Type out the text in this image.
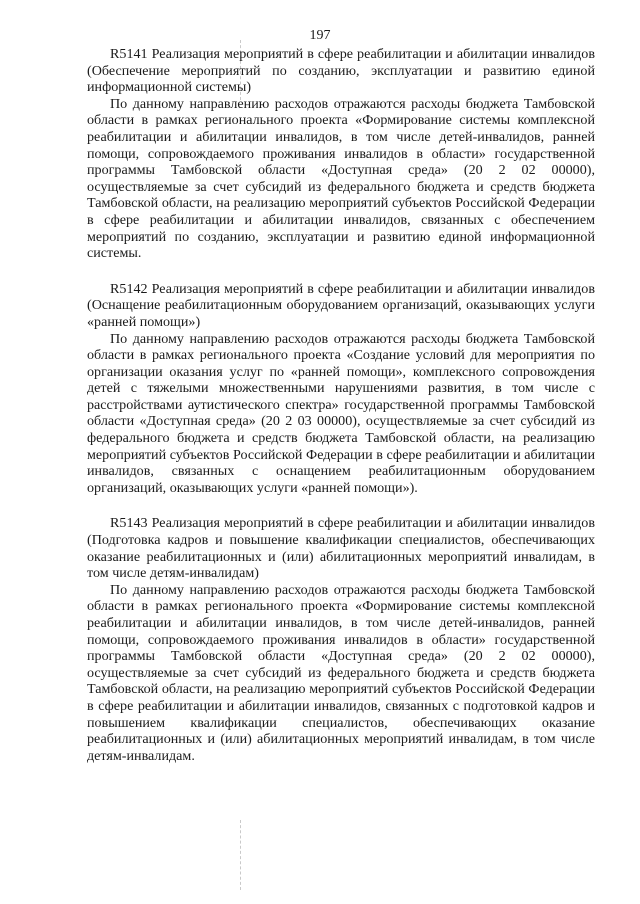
197

R5141 Реализация мероприятий в сфере реабилитации и абилитации инвалидов (Обеспечение мероприятий по созданию, эксплуатации и развитию единой информационной системы)

По данному направлению расходов отражаются расходы бюджета Тамбовской области в рамках регионального проекта «Формирование системы комплексной реабилитации и абилитации инвалидов, в том числе детей-инвалидов, ранней помощи, сопровождаемого проживания инвалидов в области» государственной программы Тамбовской области «Доступная среда» (20 2 02 00000), осуществляемые за счет субсидий из федерального бюджета и средств бюджета Тамбовской области, на реализацию мероприятий субъектов Российской Федерации в сфере реабилитации и абилитации инвалидов, связанных с обеспечением мероприятий по созданию, эксплуатации и развитию единой информационной системы.

R5142 Реализация мероприятий в сфере реабилитации и абилитации инвалидов (Оснащение реабилитационным оборудованием организаций, оказывающих услуги «ранней помощи»)

По данному направлению расходов отражаются расходы бюджета Тамбовской области в рамках регионального проекта «Создание условий для мероприятия по организации оказания услуг по «ранней помощи», комплексного сопровождения детей с тяжелыми множественными нарушениями развития, в том числе с расстройствами аутистического спектра» государственной программы Тамбовской области «Доступная среда» (20 2 03 00000), осуществляемые за счет субсидий из федерального бюджета и средств бюджета Тамбовской области, на реализацию мероприятий субъектов Российской Федерации в сфере реабилитации и абилитации инвалидов, связанных с оснащением реабилитационным оборудованием организаций, оказывающих услуги «ранней помощи»).

R5143 Реализация мероприятий в сфере реабилитации и абилитации инвалидов (Подготовка кадров и повышение квалификации специалистов, обеспечивающих оказание реабилитационных и (или) абилитационных мероприятий инвалидам, в том числе детям-инвалидам)

По данному направлению расходов отражаются расходы бюджета Тамбовской области в рамках регионального проекта «Формирование системы комплексной реабилитации и абилитации инвалидов, в том числе детей-инвалидов, ранней помощи, сопровождаемого проживания инвалидов в области» государственной программы Тамбовской области «Доступная среда» (20 2 02 00000), осуществляемые за счет субсидий из федерального бюджета и средств бюджета Тамбовской области, на реализацию мероприятий субъектов Российской Федерации в сфере реабилитации и абилитации инвалидов, связанных с подготовкой кадров и повышением квалификации специалистов, обеспечивающих оказание реабилитационных и (или) абилитационных мероприятий инвалидам, в том числе детям-инвалидам.
